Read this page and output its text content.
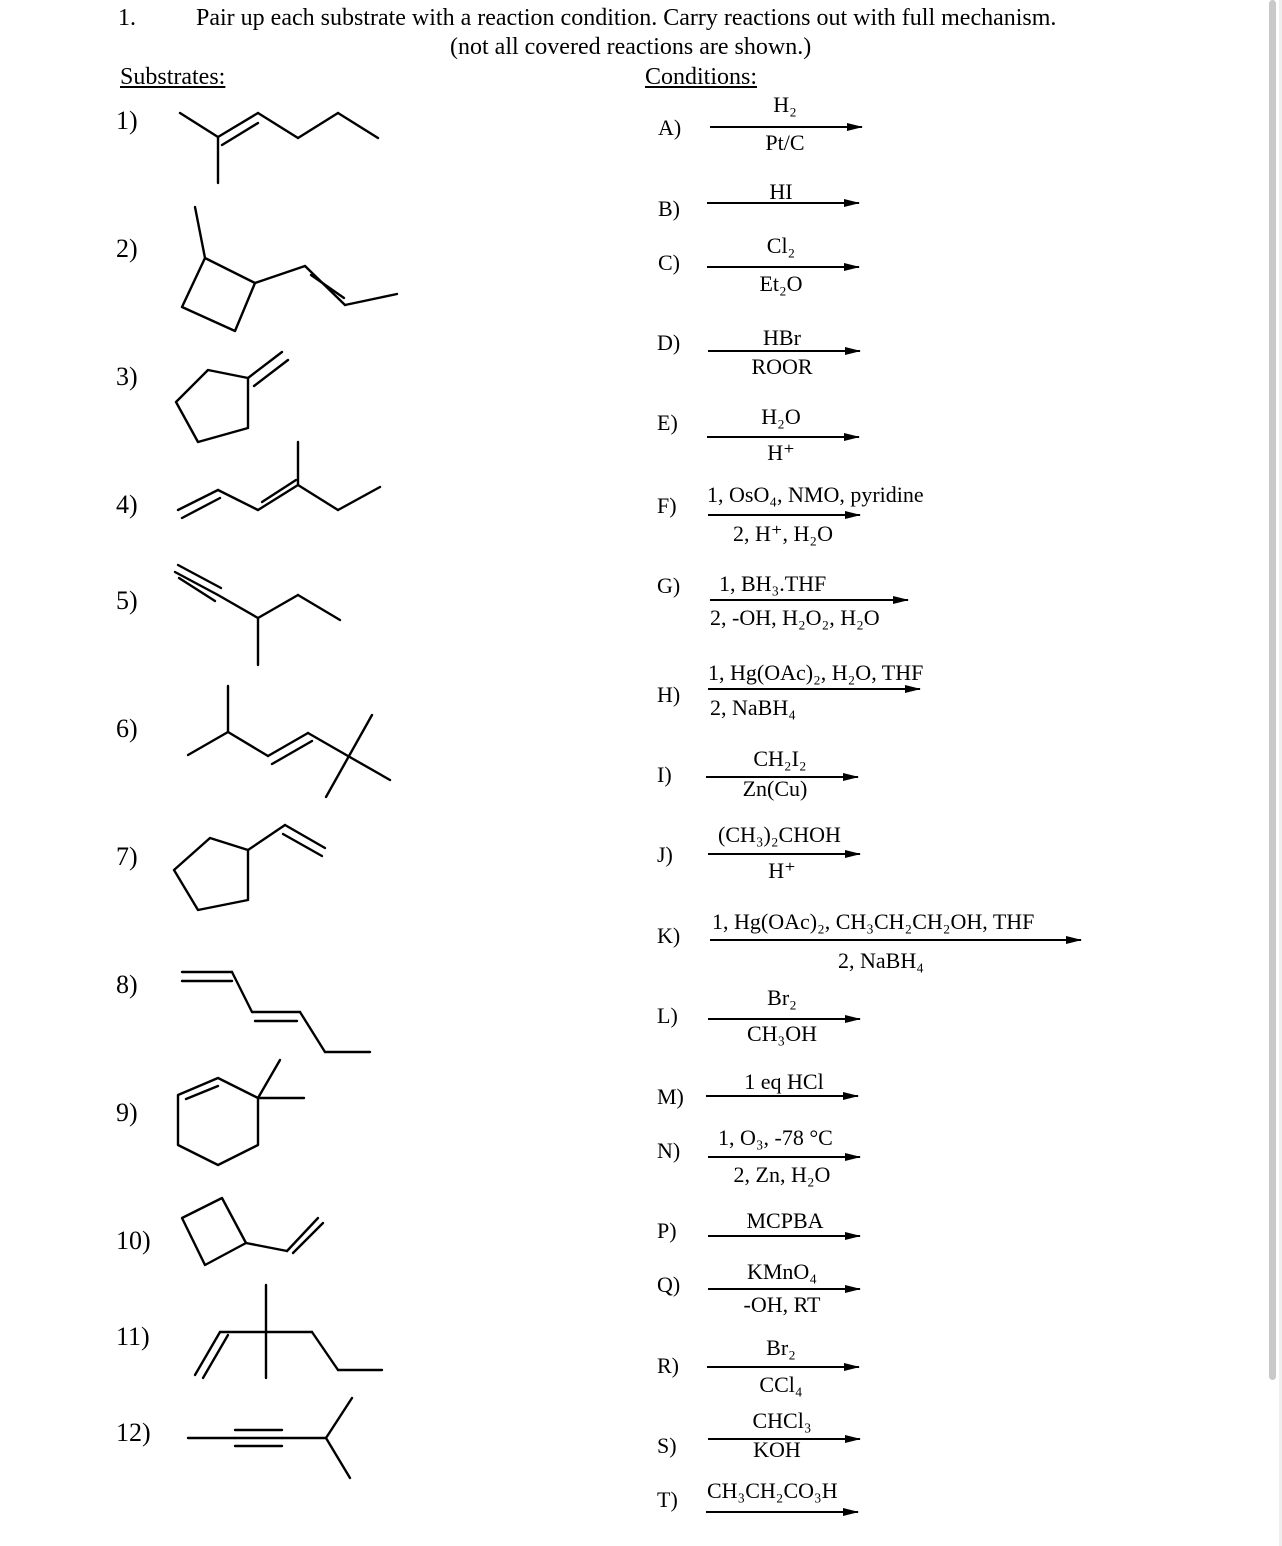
1.	Pair up each substrate with a reaction condition. Carry reactions out with full mechanism.
(not all covered reactions are shown.)
Substrates:	Conditions:
1)
2)
3)
4)
5)
6)
7)
8)
9)
10)
11)
12)
A)
B)
C)
D)
E)
F)
G)
H)
I)
J)
K)
L)
M)
N)
P)
Q)
R)
S)
T)
H₂
Pt/C
HI
Cl₂
Et₂O
HBr
ROOR
H₂O
H⁺
1, OsO₄, NMO, pyridine
2, H⁺, H₂O
1, BH₃.THF
2, -OH, H₂O₂, H₂O
1, Hg(OAc)₂, H₂O, THF
2, NaBH₄
CH₂I₂
Zn(Cu)
(CH₃)₂CHOH
H⁺
1, Hg(OAc)₂, CH₃CH₂CH₂OH, THF
2, NaBH₄
Br₂
CH₃OH
1 eq HCl
1, O₃, -78 °C
2, Zn, H₂O
MCPBA
KMnO₄
-OH, RT
Br₂
CCl₄
CHCl₃
KOH
CH₃CH₂CO₃H
